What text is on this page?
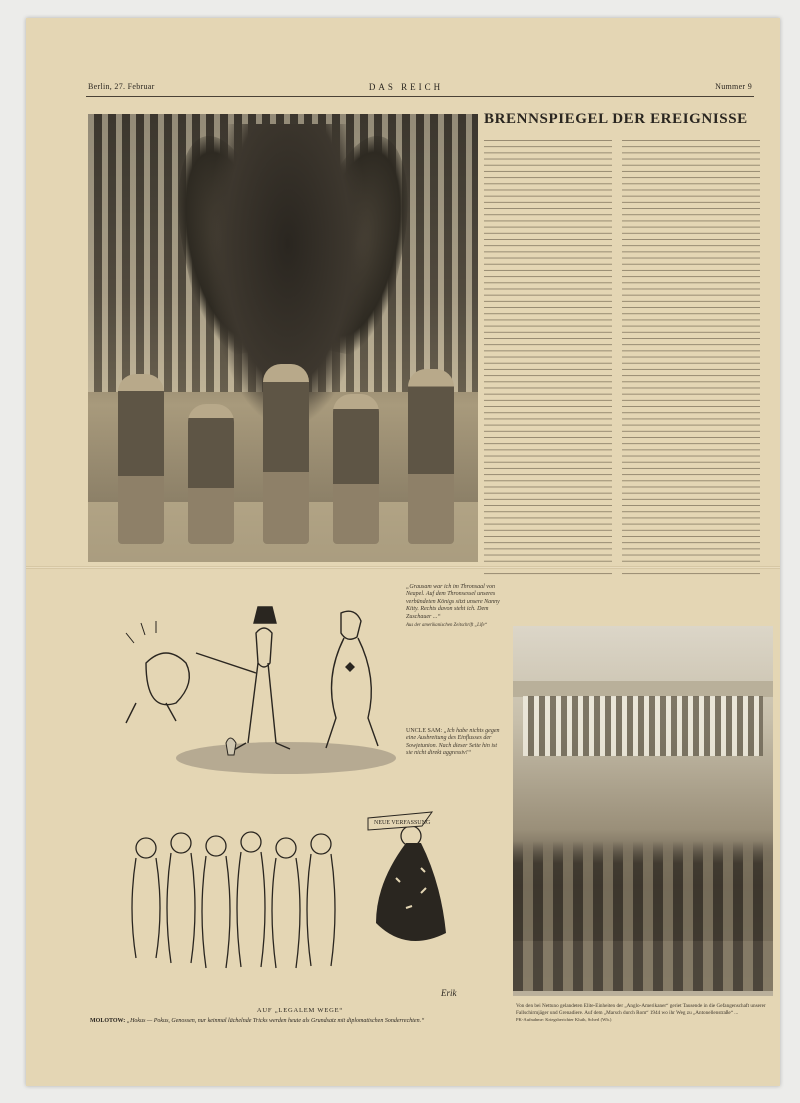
Berlin, 27. Februar	DAS REICH	Nummer 9
BRENNSPIEGEL DER EREIGNISSE
„Grausam war ich im Thronsaal von Neapel. Auf dem Thronsessel unseres verbündeten Königs sitzt unsere Nanny Kitty. Rechts davon steht ich. Dem Zuschauer ...“
Aus der amerikanischen Zeitschrift „Life“
UNCLE SAM: „Ich habe nichts gegen eine Ausbreitung des Einflusses der Sowjetunion. Nach dieser Seite hin ist sie nicht direkt aggressiv!“
NEUE VERFASSUNG
Erik
AUF „LEGALEM WEGE“
MOLOTOW: „Hokus — Pokus, Genossen, nur keinmal lächelnde Tricks werden heute als Grundsatz mit diplomatischen Sonderrechten.“
Von den bei Nettuno gelandeten Elite-Einheiten der „Anglo-Amerikaner“ geriet Tausende in die Gefangenschaft unserer Fallschirmjäger und Grenadiere. Auf dem „Marsch durch Rom“ 1944 wo ihr Weg zu „Antonellenstraße“ ...
PK-Aufnahme: Kriegsberichter Kluth, Scherl (Wb.)
